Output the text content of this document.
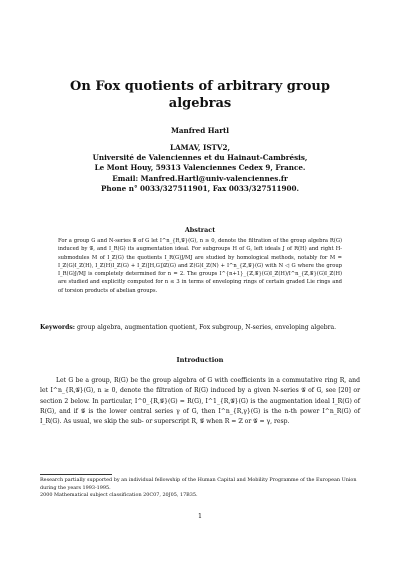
On Fox quotients of arbitrary group algebras
Manfred Hartl
LAMAV, ISTV2,
Université de Valenciennes et du Hainaut-Cambrésis,
Le Mont Houy, 59313 Valenciennes Cedex 9, France.
Email: Manfred.Hartl@univ-valenciennes.fr
Phone n° 0033/327511901, Fax 0033/327511900.
Abstract
For a group G and N-series 𝒢 of G let I^n_{R,𝒢}(G), n ≥ 0, denote the filtration of the group algebra R(G) induced by 𝒢, and I_R(G) its augmentation ideal. For subgroups H of G, left ideals J of R(H) and right H-submodules M of I_ℤ(G) the quotients I_R(G)J/MJ are studied by homological methods, notably for M = I_ℤ(G)I_ℤ(H), I_ℤ(H)I_ℤ(G) + I_ℤ([H,G])ℤ(G) and ℤ(G)I_ℤ(N) + I^n_{ℤ,𝒢}(G) with N ◁ G where the group I_R(G)J/MJ is completely determined for n = 2. The groups I^{n+1}_{ℤ,𝒢}(G)I_ℤ(H)/I^n_{ℤ,𝒢}(G)I_ℤ(H) are studied and explicitly computed for n ≤ 3 in terms of enveloping rings of certain graded Lie rings and of torsion products of abelian groups.
Keywords: group algebra, augmentation quotient, Fox subgroup, N-series, enveloping algebra.
Introduction
Let G be a group, R(G) be the group algebra of G with coefficients in a commutative ring R, and let I^n_{R,𝒢}(G), n ≥ 0, denote the filtration of R(G) induced by a given N-series 𝒢 of G, see [20] or section 2 below. In particular, I^0_{R,𝒢}(G) = R(G), I^1_{R,𝒢}(G) is the augmentation ideal I_R(G) of R(G), and if 𝒢 is the lower central series γ of G, then I^n_{R,γ}(G) is the n-th power I^n_R(G) of I_R(G). As usual, we skip the sub- or superscript R, 𝒢 when R = ℤ or 𝒢 = γ, resp.
Research partially supported by an individual fellowship of the Human Capital and Mobility Programme of the European Union during the years 1993-1995.
2000 Mathematical subject classification 20C07, 20J05, 17B35.
1
